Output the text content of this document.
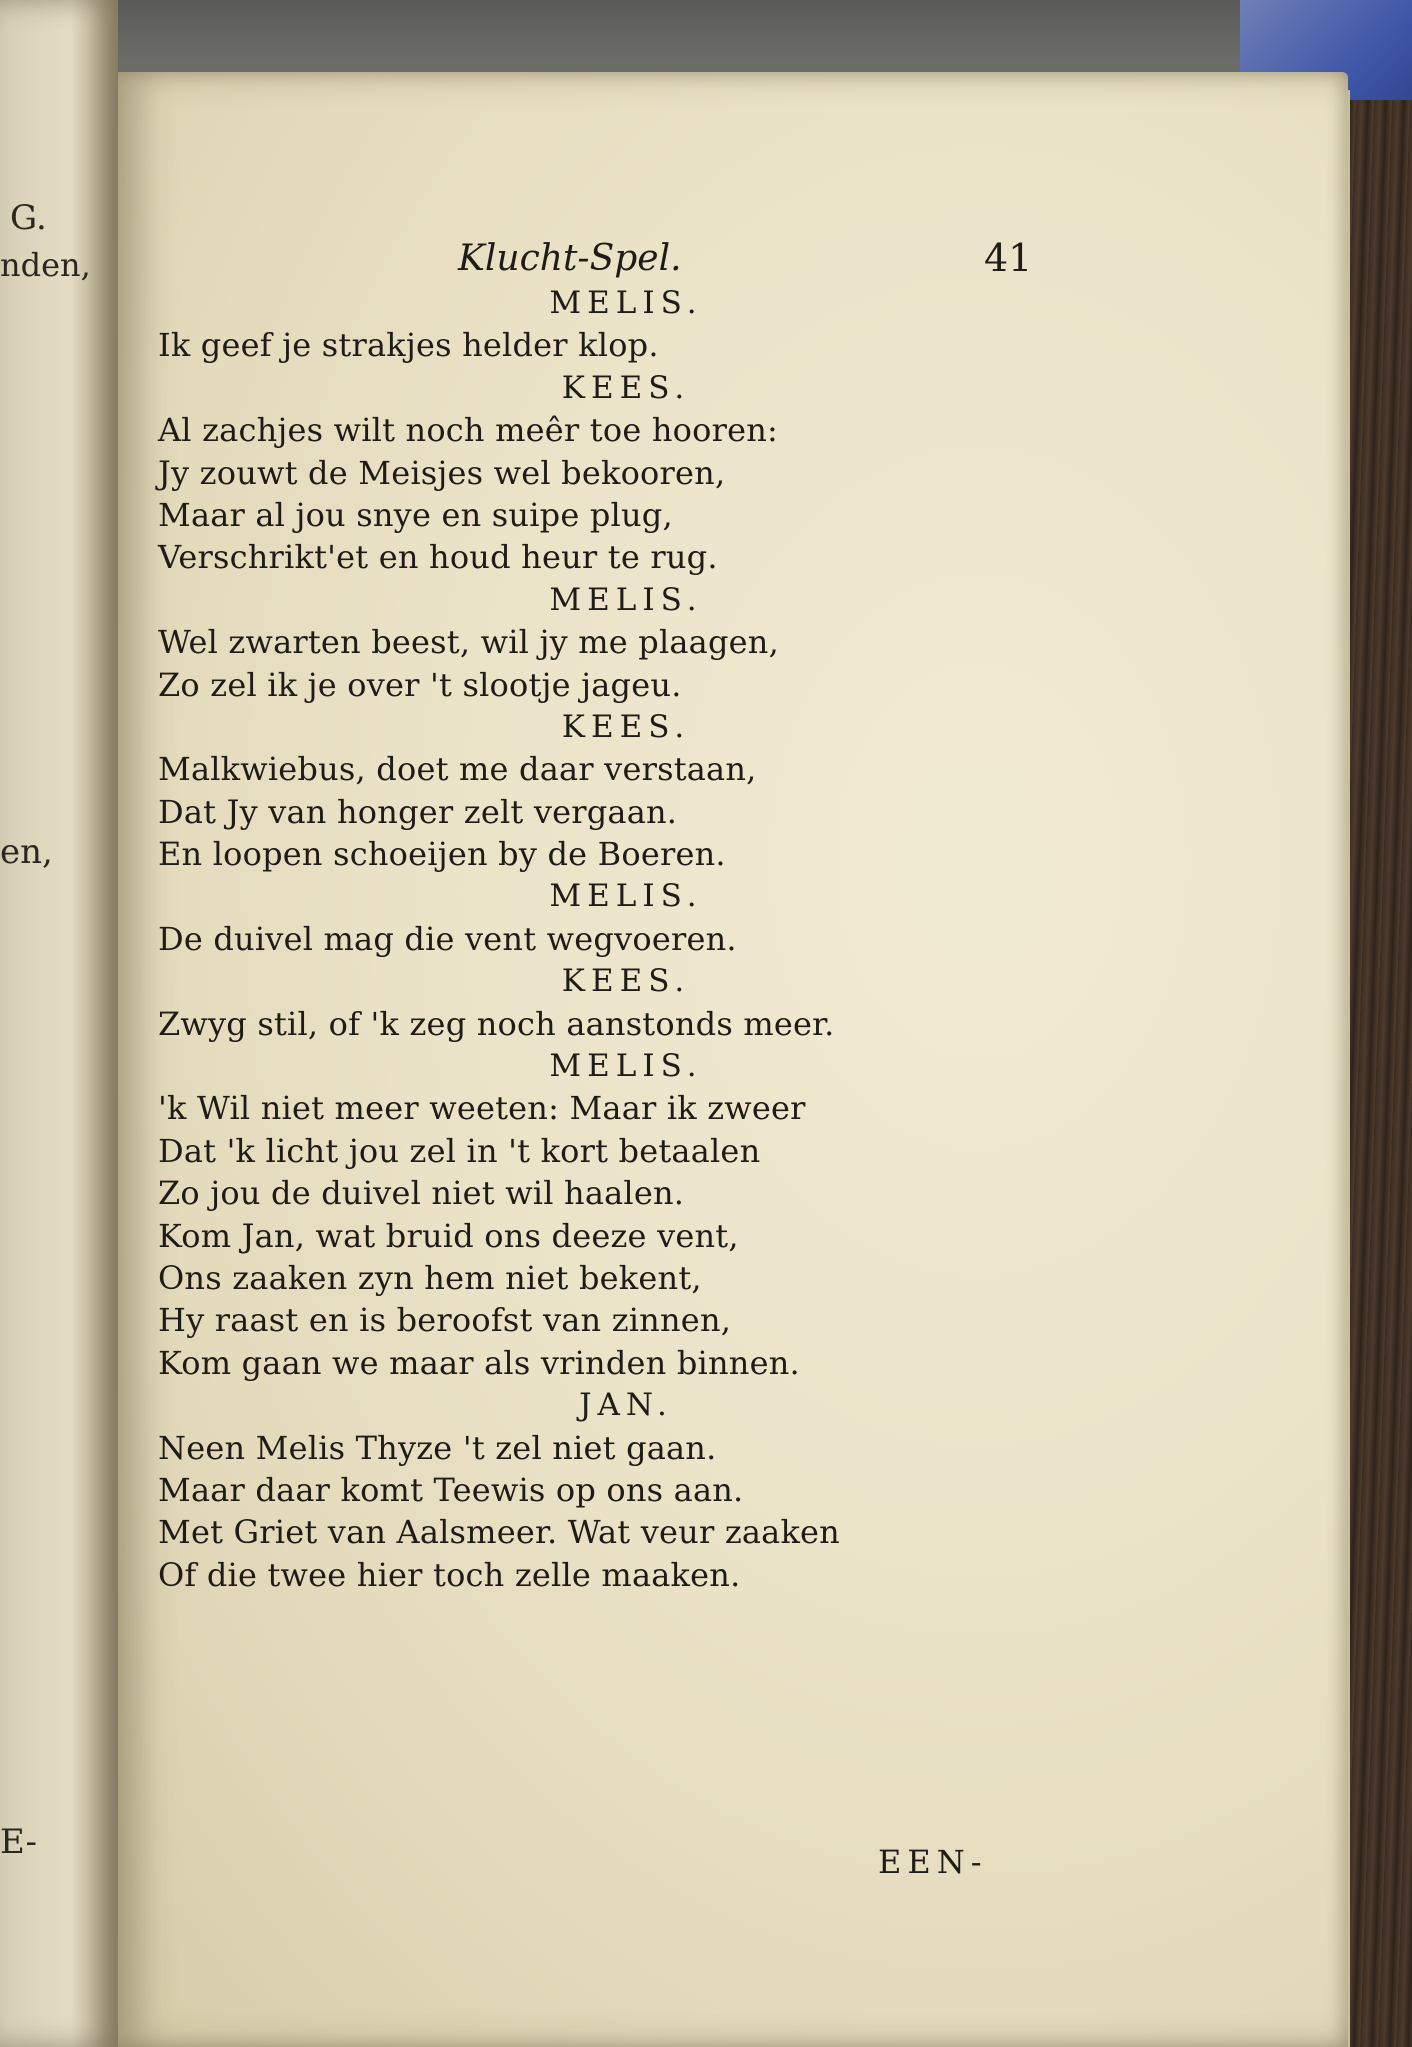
G.
nden,
en,
E-
Klucht-Spel.	41
MELIS.
Ik geef je strakjes helder klop.
KEES.
Al zachjes wilt noch meêr toe hooren:
Jy zouwt de Meisjes wel bekooren,
Maar al jou snye en suipe plug,
Verschrikt'et en houd heur te rug.
MELIS.
Wel zwarten beest, wil jy me plaagen,
Zo zel ik je over 't slootje jageu.
KEES.
Malkwiebus, doet me daar verstaan,
Dat Jy van honger zelt vergaan.
En loopen schoeijen by de Boeren.
MELIS.
De duivel mag die vent wegvoeren.
KEES.
Zwyg stil, of 'k zeg noch aanstonds meer.
MELIS.
'k Wil niet meer weeten: Maar ik zweer
Dat 'k licht jou zel in 't kort betaalen
Zo jou de duivel niet wil haalen.
Kom Jan, wat bruid ons deeze vent,
Ons zaaken zyn hem niet bekent,
Hy raast en is beroofst van zinnen,
Kom gaan we maar als vrinden binnen.
JAN.
Neen Melis Thyze 't zel niet gaan.
Maar daar komt Teewis op ons aan.
Met Griet van Aalsmeer. Wat veur zaaken
Of die twee hier toch zelle maaken.
EEN-
